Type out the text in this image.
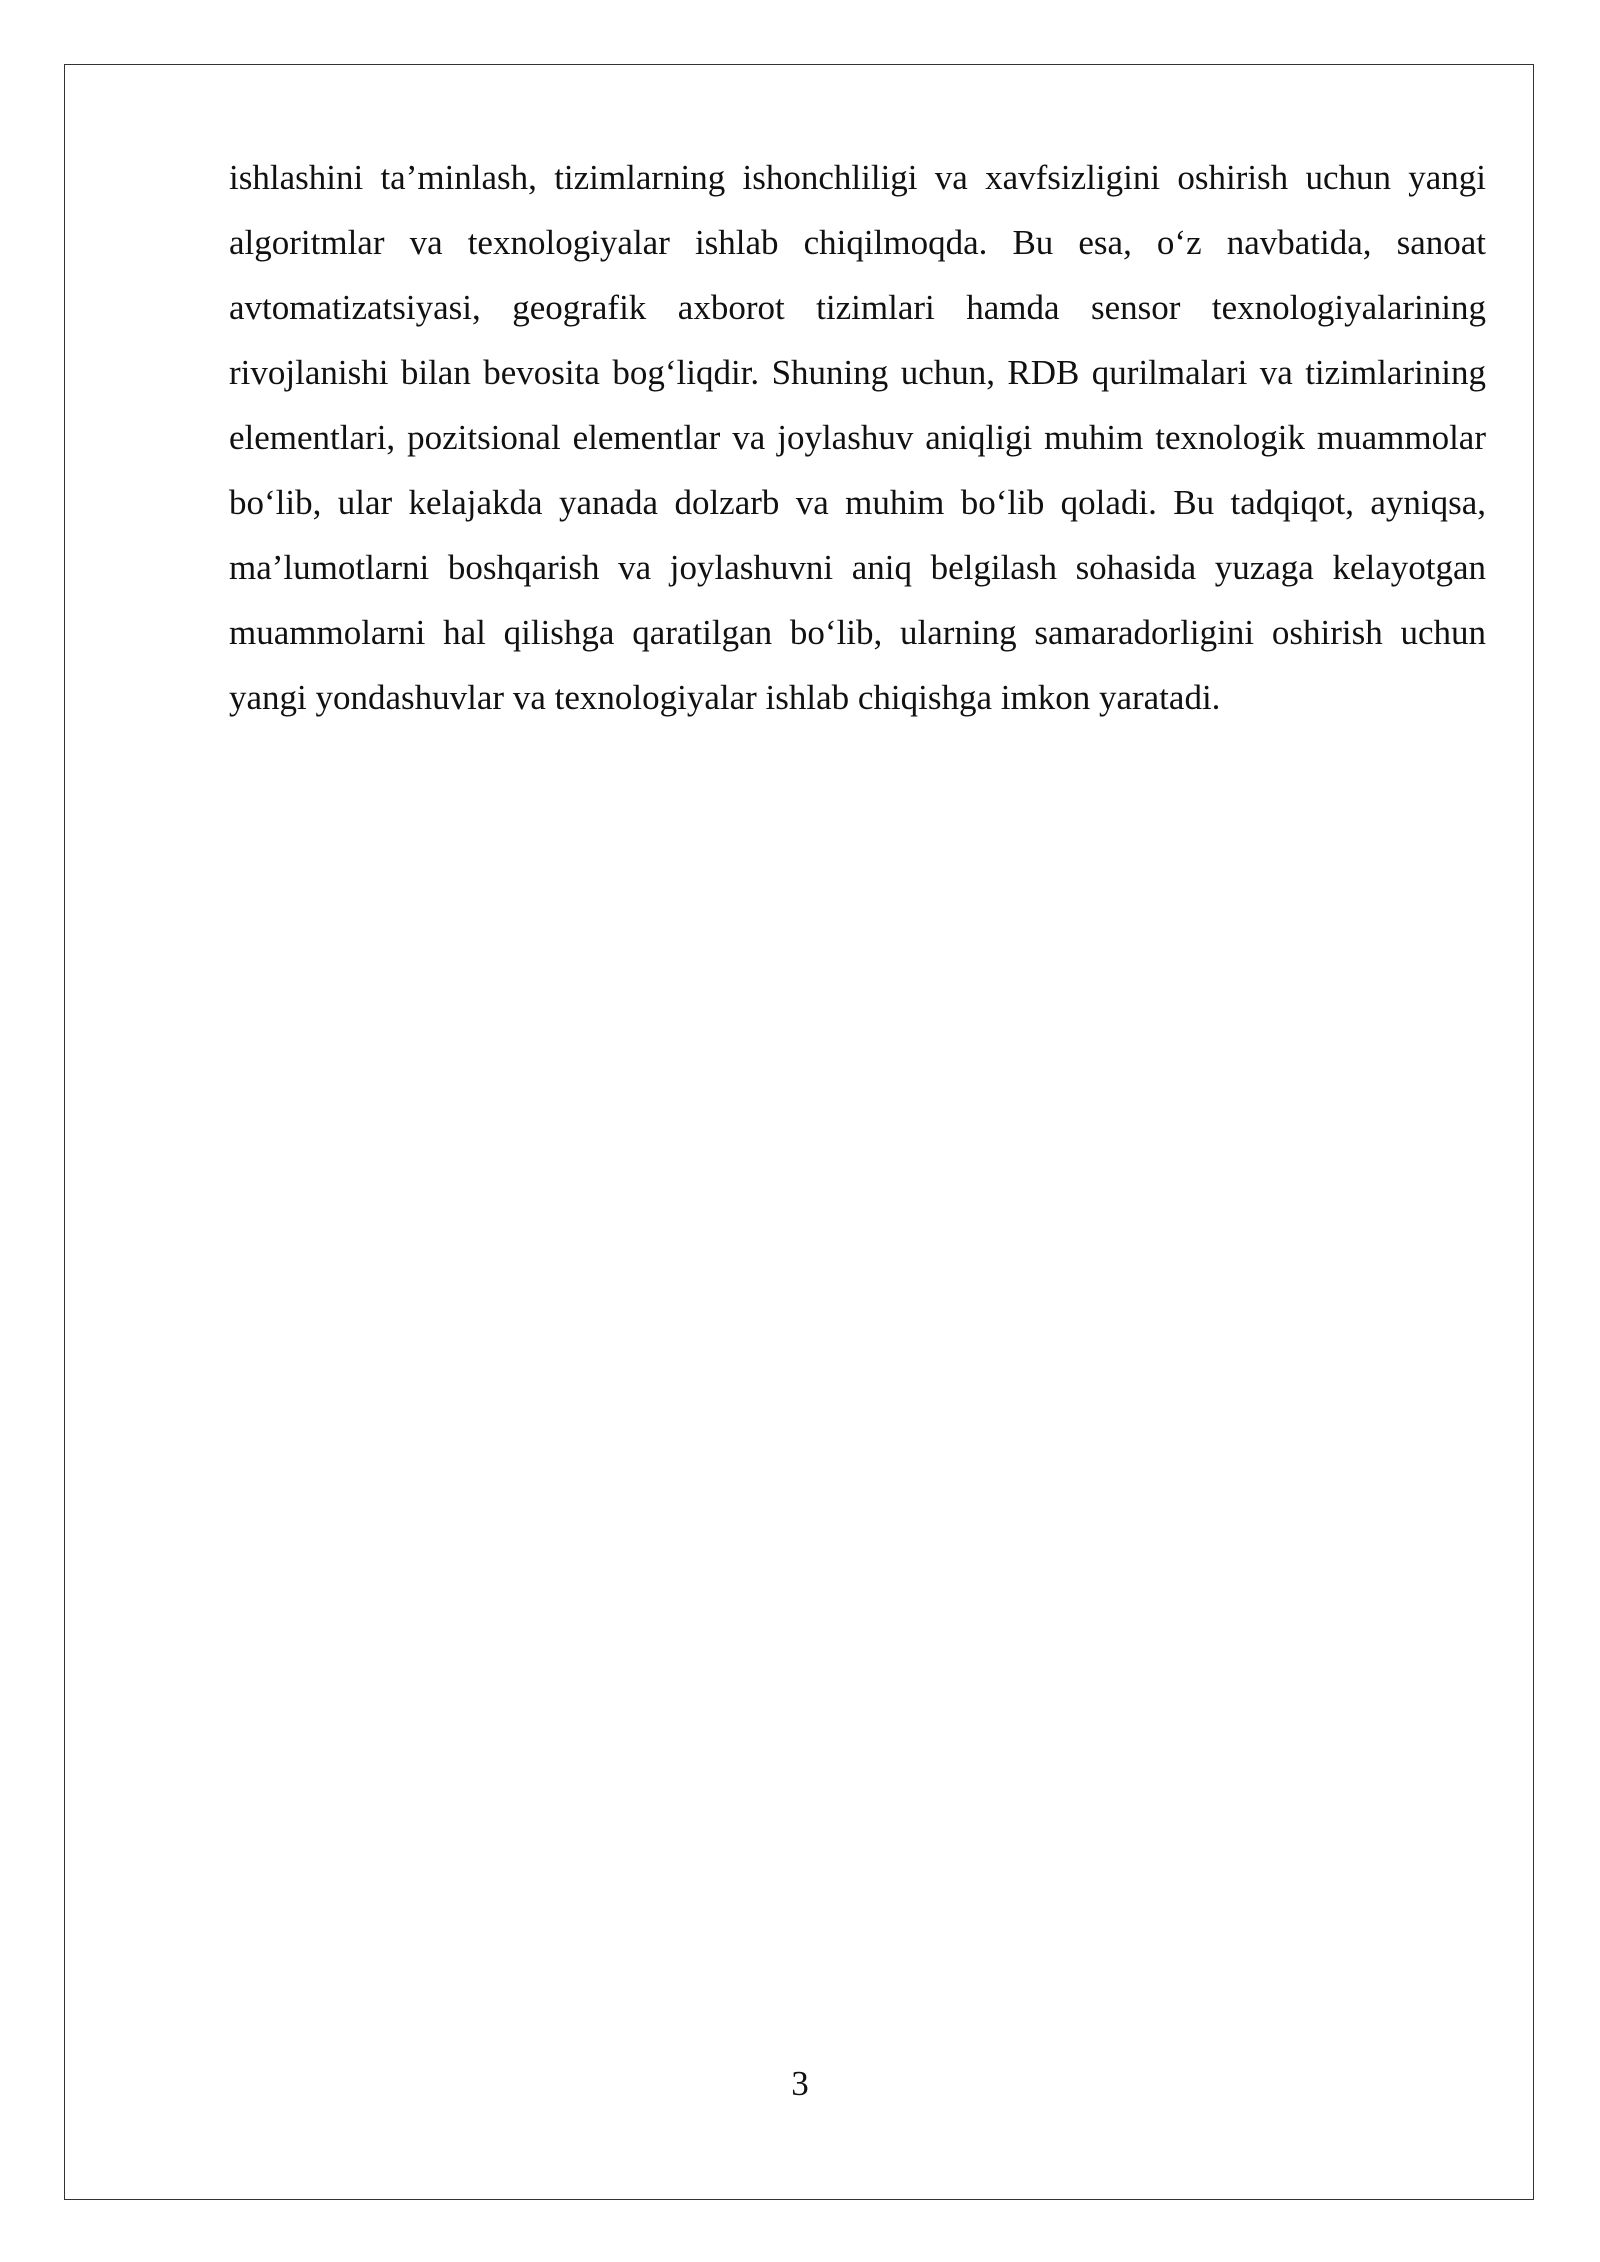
ishlashini ta’minlash, tizimlarning ishonchliligi va xavfsizligini oshirish uchun yangi algoritmlar va texnologiyalar ishlab chiqilmoqda. Bu esa, oʻz navbatida, sanoat avtomatizatsiyasi, geografik axborot tizimlari hamda sensor texnologiyalarining rivojlanishi bilan bevosita bogʻliqdir. Shuning uchun, RDB qurilmalari va tizimlarining elementlari, pozitsional elementlar va joylashuv aniqligi muhim texnologik muammolar boʻlib, ular kelajakda yanada dolzarb va muhim boʻlib qoladi. Bu tadqiqot, ayniqsa, ma’lumotlarni boshqarish va joylashuvni aniq belgilash sohasida yuzaga kelayotgan muammolarni hal qilishga qaratilgan boʻlib, ularning samaradorligini oshirish uchun yangi yondashuvlar va texnologiyalar ishlab chiqishga imkon yaratadi.

3
